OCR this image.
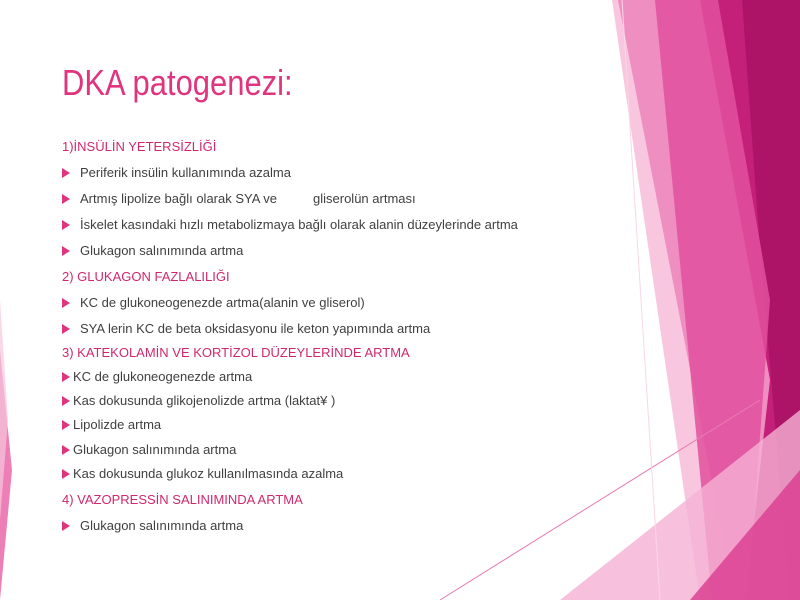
DKA patogenezi:
1)İNSÜLİN YETERSİZLİĞİ
Periferik insülin kullanımında azalma
Artmış lipolize bağlı olarak SYA ve	gliserolün artması
İskelet kasındaki hızlı metabolizmaya bağlı olarak alanin düzeylerinde artma
Glukagon salınımında artma
2) GLUKAGON FAZLALILIĞI
KC de glukoneogenezde artma(alanin ve gliserol)
SYA lerin KC de beta oksidasyonu ile keton yapımında artma
3) KATEKOLAMİN VE KORTİZOL DÜZEYLERİNDE ARTMA
KC de glukoneogenezde artma
Kas dokusunda glikojenolizde artma (laktat¥ )
Lipolizde artma
Glukagon salınımında artma
Kas dokusunda glukoz kullanılmasında azalma
4) VAZOPRESSİN SALINIMINDA ARTMA
Glukagon salınımında artma
